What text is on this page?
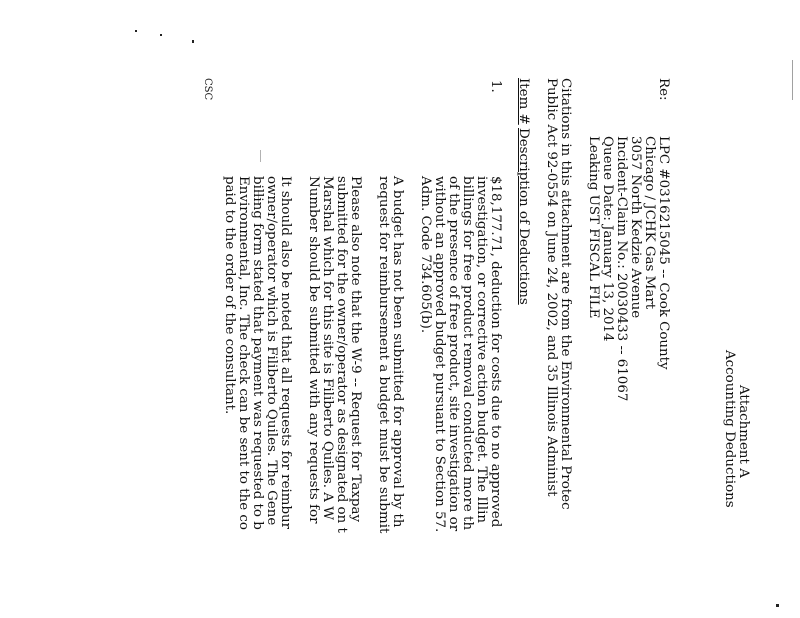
Attachment A
Accounting Deductions
Re:
LPC #0316215045 -- Cook County
Chicago / JCHK Gas Mart
3057 North Kedzie Avenue
Incident-Claim No.: 20030433 -- 61067
Queue Date: January 13, 2014
Leaking UST FISCAL FILE
Citations in this attachment are from the Environmental Protec
Public Act 92-0554 on June 24, 2002, and 35 Illinois Administ
Item #
Description of Deductions
1.
$18,177.71, deduction for costs due to no approved
investigation, or corrective action budget. The Illin
billings for free product removal conducted more th
of the presence of free product, site investigation or
without an approved budget pursuant to Section 57.
Adm. Code 734.605(b).
A budget has not been submitted for approval by th
request for reimbursement a budget must be submit
Please also note that the W-9 -- Request for Taxpay
submitted for the owner/operator as designated on t
Marshal which for this site is Filiberto Quiles. A W
Number should be submitted with any requests for
It should also be noted that all requests for reimbur
owner/operator which is Filiberto Quiles. The Gene
billing form stated that payment was requested to b
Environmental, Inc. The check can be sent to the co
paid to the order of the consultant.
CSC
